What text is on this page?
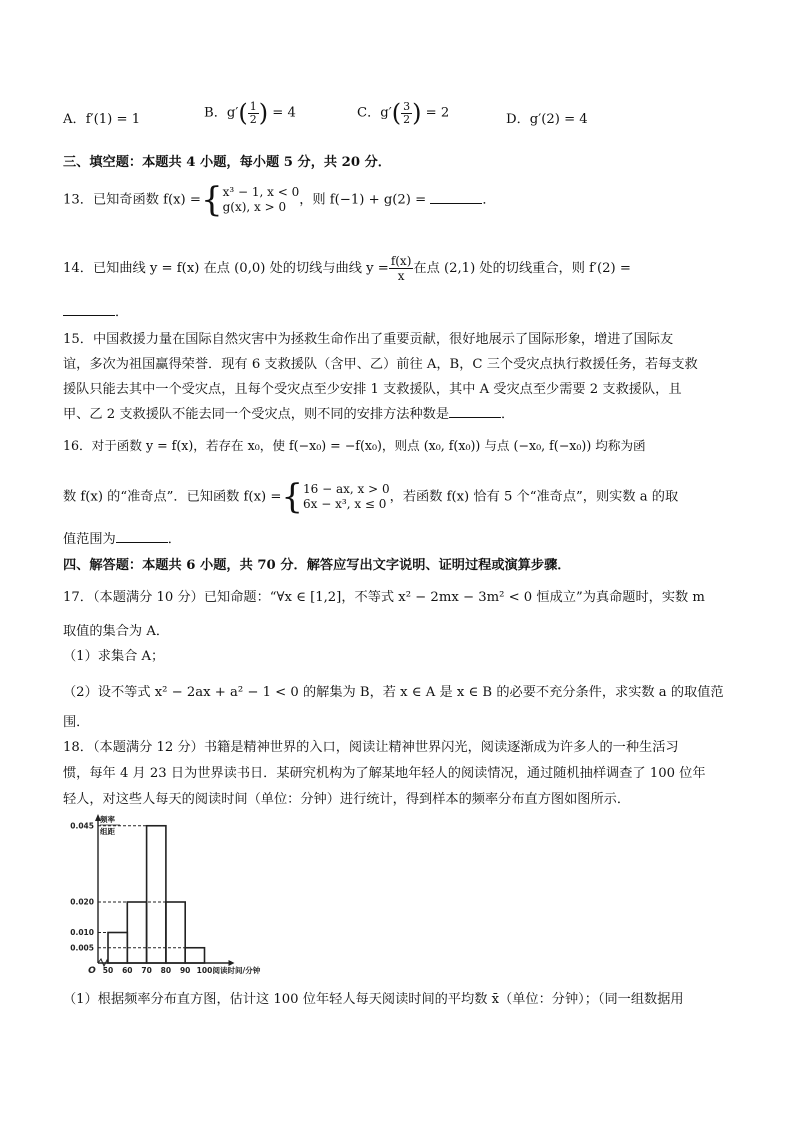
A．f′(1) = 1	B．$g'( \frac{1}{2}$ ) = 4	C．$g'( \frac{3}{2}$ ) = 2	D．g′(2) = 4
三、填空题：本题共 4 小题，每小题 5 分，共 20 分．
13．已知奇函数 f(x) ={ x³ − 1, x < 0
g(x), x > 0 ，则 f(−1) + g(2) =	．
14．已知曲线 y = f(x) 在点 (0,0) 处的切线与曲线 $y = \frac{f(x)}{x}$ 在点 (2,1) 处的切线重合，则 f′(2) =
．
15．中国救援力量在国际自然灾害中为拯救生命作出了重要贡献，很好地展示了国际形象，增进了国际友
谊，多次为祖国赢得荣誉．现有 6 支救援队（含甲、乙）前往 A，B，C 三个受灾点执行救援任务，若每支救
援队只能去其中一个受灾点，且每个受灾点至少安排 1 支救援队，其中 A 受灾点至少需要 2 支救援队，且
甲、乙 2 支救援队不能去同一个受灾点，则不同的安排方法种数是	．
16．对于函数 y = f(x)，若存在 x₀，使 f(−x₀) = −f(x₀)，则点 (x₀, f(x₀)) 与点 (−x₀, f(−x₀)) 均称为函
数 f(x) 的“准奇点”．已知函数 f(x) ={ 16 − ax, x > 0
6x − x³, x ≤ 0 ，若函数 f(x) 恰有 5 个“准奇点”，则实数 a 的取
值范围为	．
四、解答题：本题共 6 小题，共 70 分．解答应写出文字说明、证明过程或演算步骤．
17．（本题满分 10 分）已知命题：“∀x ∈ [1,2]，不等式 x² − 2mx − 3m² < 0 恒成立”为真命题时，实数 m
取值的集合为 A．
（1）求集合 A；
（2）设不等式 x² − 2ax + a² − 1 < 0 的解集为 B，若 x ∈ A 是 x ∈ B 的必要不充分条件，求实数 a 的取值范
围．
18．（本题满分 12 分）书籍是精神世界的入口，阅读让精神世界闪光，阅读逐渐成为许多人的一种生活习
惯，每年 4 月 23 日为世界读书日．某研究机构为了解某地年轻人的阅读情况，通过随机抽样调查了 100 位年
轻人，对这些人每天的阅读时间（单位：分钟）进行统计，得到样本的频率分布直方图如图所示．
0.045
0.020
0.010
0.005
50 60 70 80 90 100
O	阅读时间/分钟
频率
组距
（1）根据频率分布直方图，估计这 100 位年轻人每天阅读时间的平均数 x̄（单位：分钟）；（同一组数据用
